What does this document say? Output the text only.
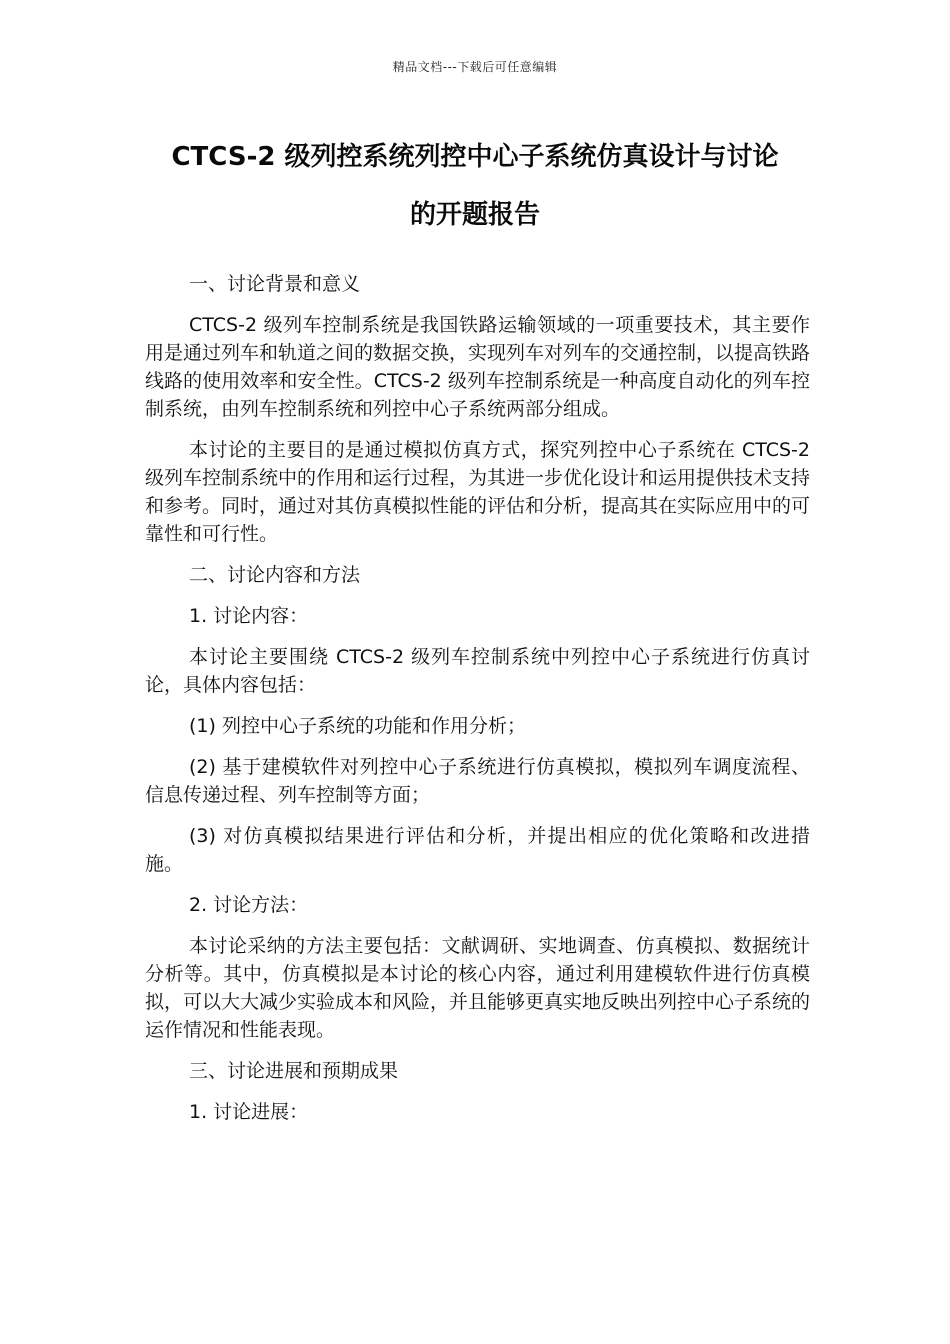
精品文档---下载后可任意编辑
CTCS-2 级列控系统列控中心子系统仿真设计与讨论
的开题报告

一、讨论背景和意义

CTCS-2 级列车控制系统是我国铁路运输领域的一项重要技术，其主要作用是通过列车和轨道之间的数据交换，实现列车对列车的交通控制，以提高铁路线路的使用效率和安全性。CTCS-2 级列车控制系统是一种高度自动化的列车控制系统，由列车控制系统和列控中心子系统两部分组成。

本讨论的主要目的是通过模拟仿真方式，探究列控中心子系统在 CTCS-2 级列车控制系统中的作用和运行过程，为其进一步优化设计和运用提供技术支持和参考。同时，通过对其仿真模拟性能的评估和分析，提高其在实际应用中的可靠性和可行性。

二、讨论内容和方法

1. 讨论内容：

本讨论主要围绕 CTCS-2 级列车控制系统中列控中心子系统进行仿真讨论，具体内容包括：

(1) 列控中心子系统的功能和作用分析；

(2) 基于建模软件对列控中心子系统进行仿真模拟，模拟列车调度流程、信息传递过程、列车控制等方面；

(3) 对仿真模拟结果进行评估和分析，并提出相应的优化策略和改进措施。

2. 讨论方法：

本讨论采纳的方法主要包括：文献调研、实地调查、仿真模拟、数据统计分析等。其中，仿真模拟是本讨论的核心内容，通过利用建模软件进行仿真模拟，可以大大减少实验成本和风险，并且能够更真实地反映出列控中心子系统的运作情况和性能表现。

三、讨论进展和预期成果

1. 讨论进展：
